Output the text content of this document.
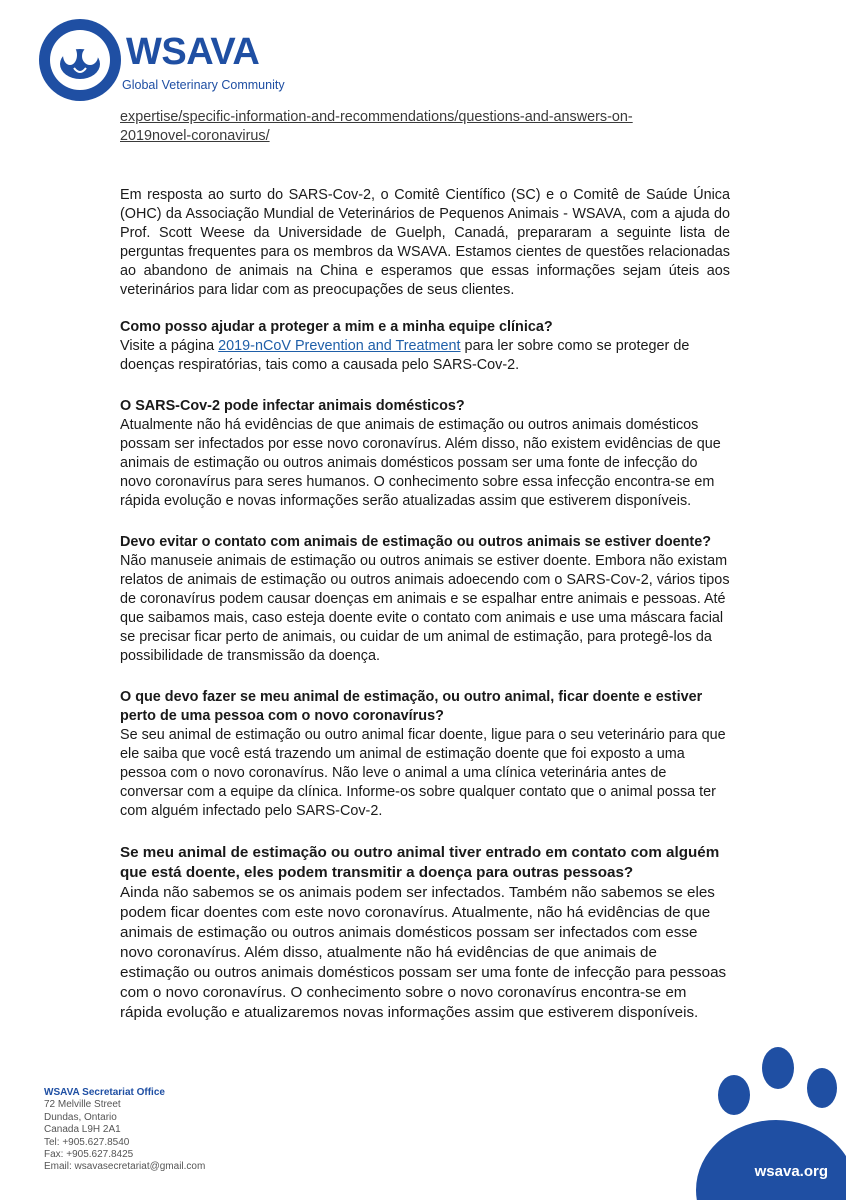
WSAVA
Global Veterinary Community
expertise/specific-information-and-recommendations/questions-and-answers-on-
2019novel-coronavirus/

Em resposta ao surto do SARS-Cov-2, o Comitê Científico (SC) e o Comitê de Saúde Única (OHC) da Associação Mundial de Veterinários de Pequenos Animais - WSAVA, com a ajuda do Prof. Scott Weese da Universidade de Guelph, Canadá, prepararam a seguinte lista de perguntas frequentes para os membros da WSAVA. Estamos cientes de questões relacionadas ao abandono de animais na China e esperamos que essas informações sejam úteis aos veterinários para lidar com as preocupações de seus clientes.

Como posso ajudar a proteger a mim e a minha equipe clínica?
Visite a página 2019-nCoV Prevention and Treatment para ler sobre como se proteger de doenças respiratórias, tais como a causada pelo SARS-Cov-2.
O SARS-Cov-2 pode infectar animais domésticos?
Atualmente não há evidências de que animais de estimação ou outros animais domésticos possam ser infectados por esse novo coronavírus. Além disso, não existem evidências de que animais de estimação ou outros animais domésticos possam ser uma fonte de infecção do novo coronavírus para seres humanos. O conhecimento sobre essa infecção encontra-se em rápida evolução e novas informações serão atualizadas assim que estiverem disponíveis.
Devo evitar o contato com animais de estimação ou outros animais se estiver doente?
Não manuseie animais de estimação ou outros animais se estiver doente. Embora não existam relatos de animais de estimação ou outros animais adoecendo com o SARS-Cov-2, vários tipos de coronavírus podem causar doenças em animais e se espalhar entre animais e pessoas. Até que saibamos mais, caso esteja doente evite o contato com animais e use uma máscara facial se precisar ficar perto de animais, ou cuidar de um animal de estimação, para protegê-los da possibilidade de transmissão da doença.
O que devo fazer se meu animal de estimação, ou outro animal, ficar doente e estiver perto de uma pessoa com o novo coronavírus?
Se seu animal de estimação ou outro animal ficar doente, ligue para o seu veterinário para que ele saiba que você está trazendo um animal de estimação doente que foi exposto a uma pessoa com o novo coronavírus. Não leve o animal a uma clínica veterinária antes de conversar com a equipe da clínica. Informe-os sobre qualquer contato que o animal possa ter com alguém infectado pelo SARS-Cov-2.
Se meu animal de estimação ou outro animal tiver entrado em contato com alguém que está doente, eles podem transmitir a doença para outras pessoas?
Ainda não sabemos se os animais podem ser infectados. Também não sabemos se eles podem ficar doentes com este novo coronavírus. Atualmente, não há evidências de que animais de estimação ou outros animais domésticos possam ser infectados com esse novo coronavírus. Além disso, atualmente não há evidências de que animais de estimação ou outros animais domésticos possam ser uma fonte de infecção para pessoas com o novo coronavírus. O conhecimento sobre o novo coronavírus encontra-se em rápida evolução e atualizaremos novas informações assim que estiverem disponíveis.
WSAVA Secretariat Office
72 Melville Street
Dundas, Ontario
Canada L9H 2A1
Tel: +905.627.8540
Fax: +905.627.8425
Email: wsavasecretariat@gmail.com	wsava.org
